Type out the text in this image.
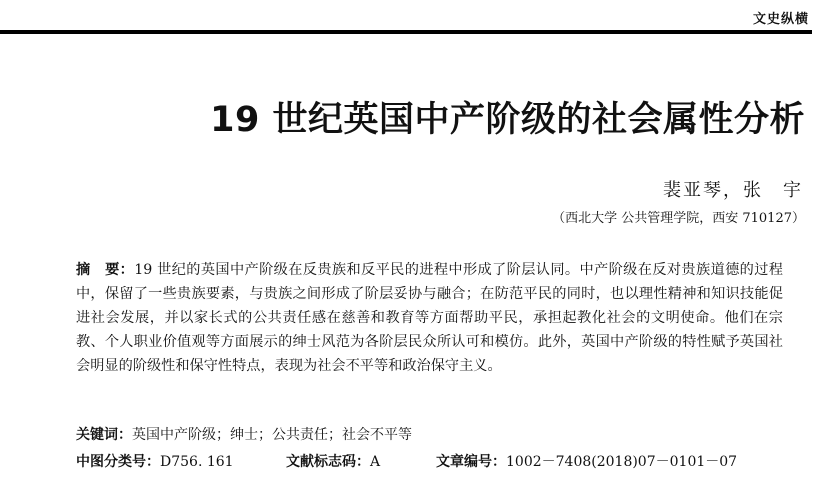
文史纵横
19 世纪英国中产阶级的社会属性分析
裴亚琴，张　宇
（西北大学 公共管理学院，西安 710127）
摘　要：19 世纪的英国中产阶级在反贵族和反平民的进程中形成了阶层认同。中产阶级在反对贵族道德的过程中，保留了一些贵族要素，与贵族之间形成了阶层妥协与融合；在防范平民的同时，也以理性精神和知识技能促进社会发展，并以家长式的公共责任感在慈善和教育等方面帮助平民，承担起教化社会的文明使命。他们在宗教、个人职业价值观等方面展示的绅士风范为各阶层民众所认可和模仿。此外，英国中产阶级的特性赋予英国社会明显的阶级性和保守性特点，表现为社会不平等和政治保守主义。
关键词：英国中产阶级；绅士；公共责任；社会不平等
中图分类号：D756. 161	文献标志码：A	文章编号：1002－7408(2018)07－0101－07
